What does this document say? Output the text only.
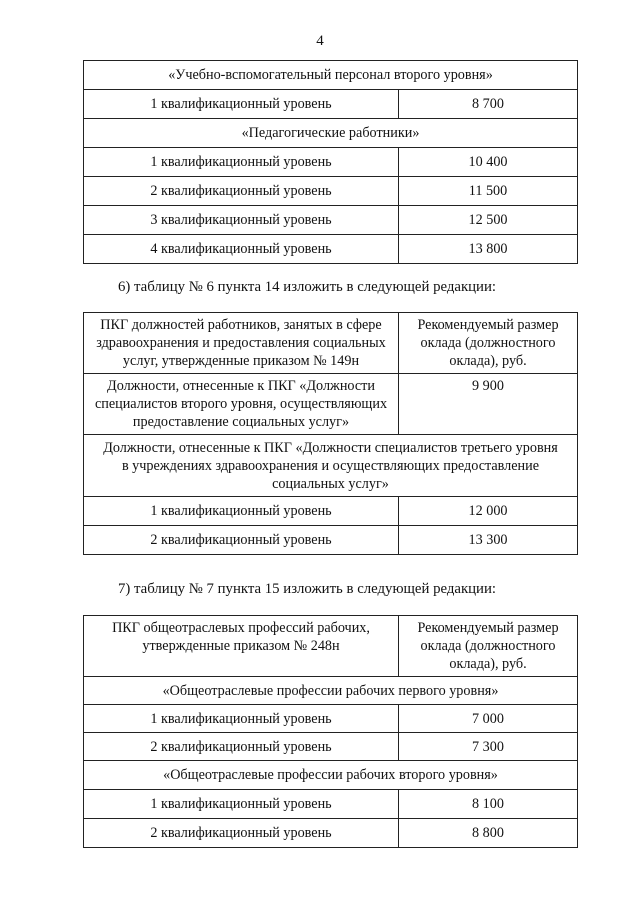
4
«Учебно-вспомогательный персонал второго уровня»	
1 квалификационный уровень	8 700
«Педагогические работники»	
1 квалификационный уровень	10 400
2 квалификационный уровень	11 500
3 квалификационный уровень	12 500
4 квалификационный уровень	13 800
6) таблицу № 6 пункта 14 изложить в следующей редакции:
ПКГ должностей работников, занятых в сфере
здравоохранения и предоставления социальных
услуг, утвержденные приказом № 149н	Рекомендуемый размер
оклада (должностного
оклада), руб.

Должности, отнесенные к ПКГ «Должности
специалистов второго уровня, осуществляющих
предоставление социальных услуг»	9 900

Должности, отнесенные к ПКГ «Должности специалистов третьего уровня
в учреждениях здравоохранения и осуществляющих предоставление
социальных услуг»	

1 квалификационный уровень	12 000
2 квалификационный уровень	13 300
7) таблицу № 7 пункта 15 изложить в следующей редакции:
ПКГ общеотраслевых профессий рабочих,
утвержденные приказом № 248н	Рекомендуемый размер
оклада (должностного
оклада), руб.

«Общеотраслевые профессии рабочих первого уровня»	
1 квалификационный уровень	7 000
2 квалификационный уровень	7 300
«Общеотраслевые профессии рабочих второго уровня»	
1 квалификационный уровень	8 100
2 квалификационный уровень	8 800
